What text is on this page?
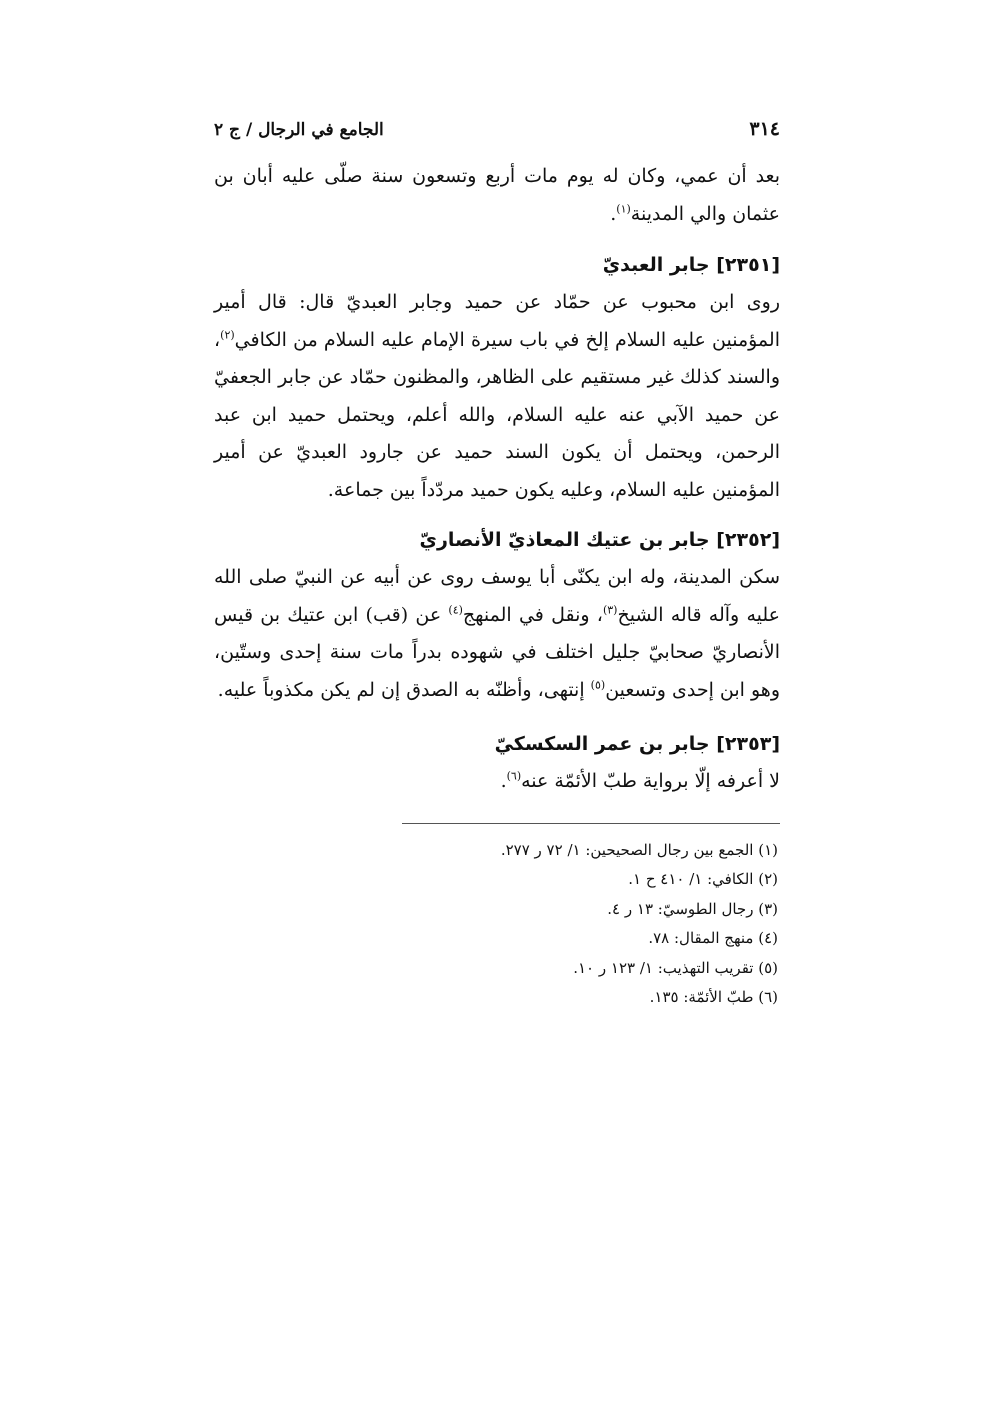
٣١٤
الجامع في الرجال / ج ٢

بعد أن عمي، وكان له يوم مات أربع وتسعون سنة صلّى عليه أبان بن عثمان والي المدينة$^{(١)}$.

[٢٣٥١] جابر العبديّ

روى ابن محبوب عن حمّاد عن حميد وجابر العبديّ قال: قال أمير المؤمنين عليه السلام إلخ في باب سيرة الإمام عليه السلام من الكافي$^{(٢)}$، والسند كذلك غير مستقيم على الظاهر، والمظنون حمّاد عن جابر الجعفيّ عن حميد الآبي عنه عليه السلام، والله أعلم، ويحتمل حميد ابن عبد الرحمن، ويحتمل أن يكون السند حميد عن جارود العبديّ عن أمير المؤمنين عليه السلام، وعليه يكون حميد مردّداً بين جماعة.

[٢٣٥٢] جابر بن عتيك المعاذيّ الأنصاريّ

سكن المدينة، وله ابن يكنّى أبا يوسف روى عن أبيه عن النبيّ صلى الله عليه وآله قاله الشيخ$^{(٣)}$، ونقل في المنهج$^{(٤)}$ عن (قب) ابن عتيك بن قيس الأنصاريّ صحابيّ جليل اختلف في شهوده بدراً مات سنة إحدى وستّين، وهو ابن إحدى وتسعين$^{(٥)}$ إنتهى، وأظنّه به الصدق إن لم يكن مكذوباً عليه.

[٢٣٥٣] جابر بن عمر السكسكيّ

لا أعرفه إلّا برواية طبّ الأئمّة عنه$^{(٦)}$.

(١) الجمع بين رجال الصحيحين: ١/ ٧٢ ر ٢٧٧.
(٢) الكافي: ١/ ٤١٠ ح ١.
(٣) رجال الطوسيّ: ١٣ ر ٤.
(٤) منهج المقال: ٧٨.
(٥) تقريب التهذيب: ١/ ١٢٣ ر ١٠.
(٦) طبّ الأئمّة: ١٣٥.
